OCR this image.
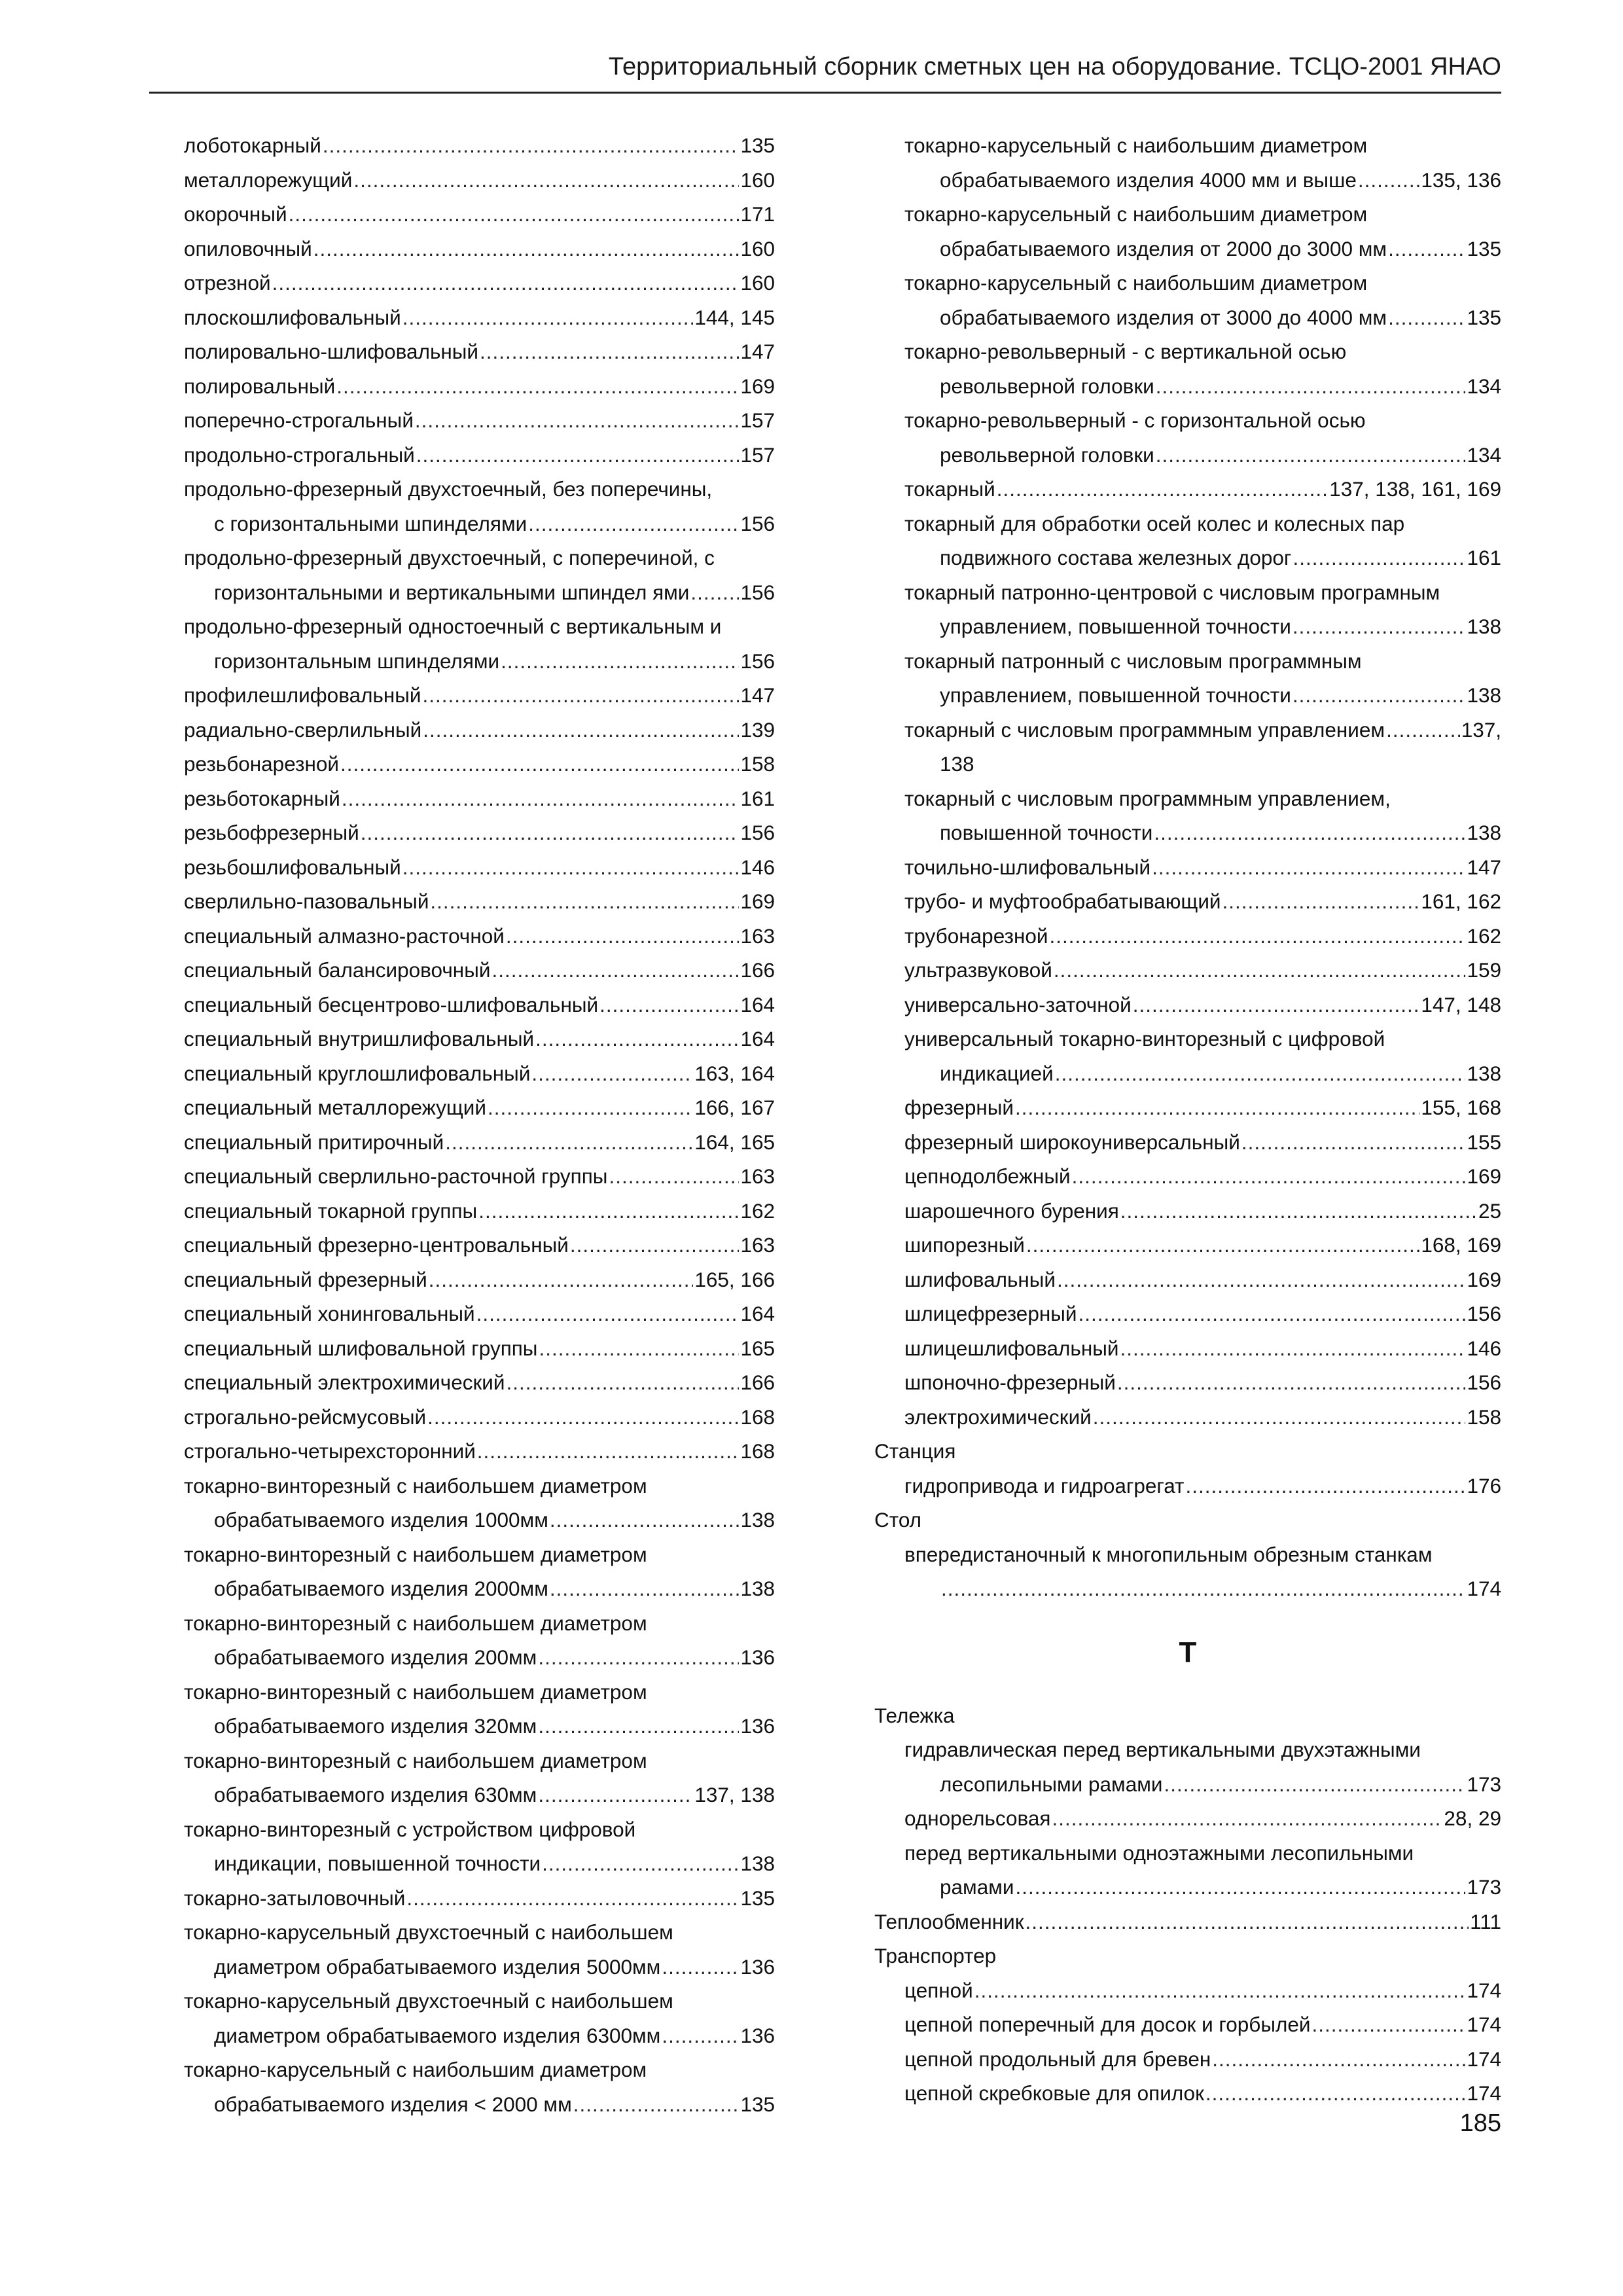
Территориальный сборник сметных цен на оборудование. ТСЦО-2001 ЯНАО
лоботокарный .....	135
металлорежущий .....	160
окорочный .....	171
опиловочный .....	160
отрезной .....	160
плоскошлифовальный .....	144, 145
полировально-шлифовальный .....	147
полировальный .....	169
поперечно-строгальный .....	157
продольно-строгальный .....	157
продольно-фрезерный двухстоечный, без поперечины,
с горизонтальными шпинделями .....	156
продольно-фрезерный двухстоечный, с поперечиной, с
горизонтальными и вертикальными шпиндел ями ..... 156
продольно-фрезерный одностоечный с вертикальным и
горизонтальным шпинделями .....	156
профилешлифовальный .....	147
радиально-сверлильный .....	139
резьбонарезной .....	158
резьботокарный .....	161
резьбофрезерный .....	156
резьбошлифовальный .....	146
сверлильно-пазовальный .....	169
специальный алмазно-расточной .....	163
специальный балансировочный .....	166
специальный бесцентрово-шлифовальный .....	164
специальный внутришлифовальный .....	164
специальный круглошлифовальный .....	163, 164
специальный металлорежущий .....	166, 167
специальный притирочный .....	164, 165
специальный сверлильно-расточной группы .....	163
специальный токарной группы .....	162
специальный фрезерно-центровальный .....	163
специальный фрезерный .....	165, 166
специальный хонинговальный .....	164
специальный шлифовальной группы .....	165
специальный электрохимический .....	166
строгально-рейсмусовый .....	168
строгально-четырехсторонний .....	168
токарно-винторезный с наибольшем диаметром
обрабатываемого изделия 1000мм .....	138
токарно-винторезный с наибольшем диаметром
обрабатываемого изделия 2000мм .....	138
токарно-винторезный с наибольшем диаметром
обрабатываемого изделия 200мм .....	136
токарно-винторезный с наибольшем диаметром
обрабатываемого изделия 320мм .....	136
токарно-винторезный с наибольшем диаметром
обрабатываемого изделия 630мм .....	137, 138
токарно-винторезный с устройством цифровой
индикации, повышенной точности .....	138
токарно-затыловочный .....	135
токарно-карусельный двухстоечный с наибольшем
диаметром обрабатываемого изделия 5000мм .....	136
токарно-карусельный двухстоечный с наибольшем
диаметром обрабатываемого изделия 6300мм .....	136
токарно-карусельный с наибольшим диаметром
обрабатываемого изделия < 2000 мм .....	135
токарно-карусельный с наибольшим диаметром
обрабатываемого изделия 4000 мм и выше .....	135, 136
токарно-карусельный с наибольшим диаметром
обрабатываемого изделия от 2000 до 3000 мм .....	135
токарно-карусельный с наибольшим диаметром
обрабатываемого изделия от 3000 до 4000 мм .....	135
токарно-револьверный - с вертикальной осью
револьверной головки .....	134
токарно-револьверный - с горизонтальной осью
револьверной головки .....	134
токарный .....	137, 138, 161, 169
токарный для обработки осей колес и колесных пар
подвижного состава железных дорог .....	161
токарный патронно-центровой с числовым програмным
управлением, повышенной точности .....	138
токарный патронный с числовым программным
управлением, повышенной точности .....	138
токарный с числовым программным управлением .....	137,
138
токарный с числовым программным управлением,
повышенной точности .....	138
точильно-шлифовальный .....	147
трубо- и муфтообрабатывающий .....	161, 162
трубонарезной .....	162
ультразвуковой .....	159
универсально-заточной .....	147, 148
универсальный токарно-винторезный с цифровой
индикацией .....	138
фрезерный .....	155, 168
фрезерный широкоуниверсальный .....	155
цепнодолбежный .....	169
шарошечного бурения .....	25
шипорезный .....	168, 169
шлифовальный .....	169
шлицефрезерный .....	156
шлицешлифовальный .....	146
шпоночно-фрезерный .....	156
электрохимический .....	158
Станция
гидропривода и гидроагрегат .....	176
Стол
впередистаночный к многопильным обрезным станкам
.....
174
Т
Тележка
гидравлическая перед вертикальными двухэтажными
лесопильными рамами .....	173
однорельсовая .....	28, 29
перед вертикальными одноэтажными лесопильными
рамами .....	173
Теплообменник .....	111
Транспортер
цепной .....	174
цепной поперечный для досок и горбылей .....	174
цепной продольный для бревен .....	174
цепной скребковые для опилок .....	174
185
